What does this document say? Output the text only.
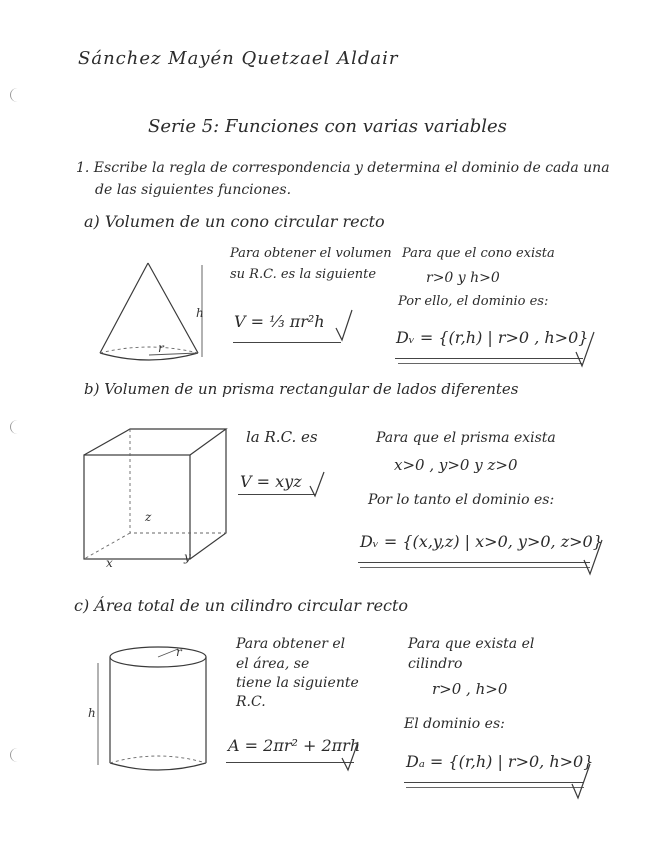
Sánchez Mayén Quetzael Aldair
Serie 5: Funciones con varias variables
1. Escribe la regla de correspondencia y determina el dominio de cada una
de las siguientes funciones.
a) Volumen de un cono circular recto
h
r
Para obtener el volumen
su R.C. es la siguiente
V = ⅓ πr²h
Para que el cono exista
r>0 y h>0
Por ello, el dominio es:
Dᵥ = {(r,h) | r>0 , h>0}
b) Volumen de un prisma rectangular de lados diferentes
z
x	y
la R.C. es
V = xyz
Para que el prisma exista
x>0 , y>0 y z>0
Por lo tanto el dominio es:
Dᵥ = {(x,y,z) | x>0, y>0, z>0}
c) Área total de un cilindro circular recto
h
r	Para obtener el
el área, se
tiene la siguiente
R.C.
A = 2πr² + 2πrh
Para que exista el
cilindro
r>0 , h>0
El dominio es:
Dₐ = {(r,h) | r>0, h>0}
